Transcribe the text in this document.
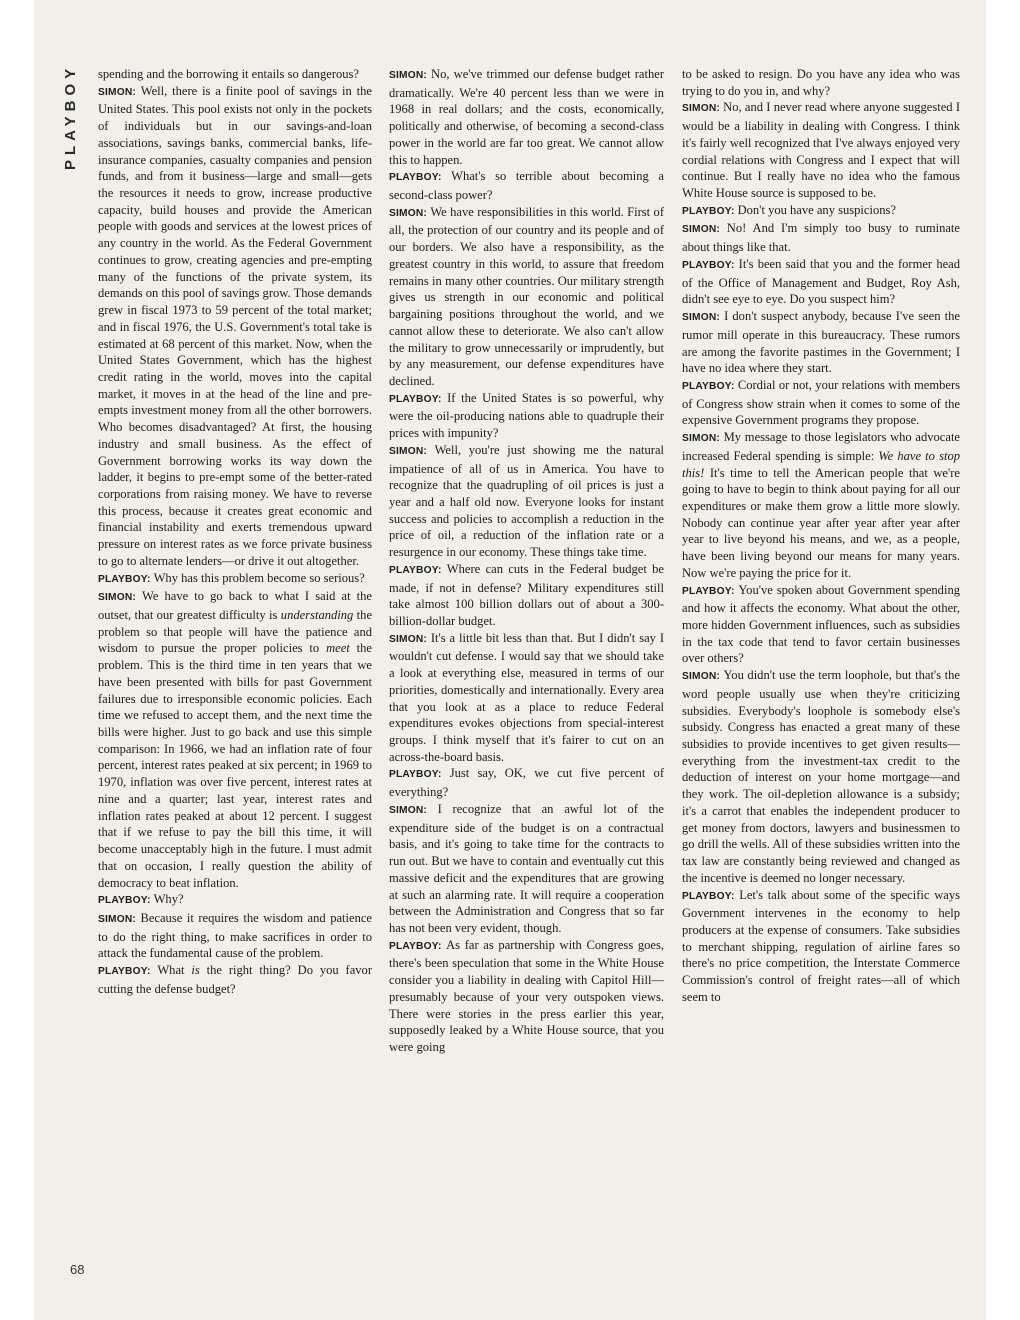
PLAYBOY spending and the borrowing it entails so dangerous?

SIMON: Well, there is a finite pool of savings in the United States. This pool exists not only in the pockets of individuals but in our savings-and-loan associations, savings banks, commercial banks, life-insurance companies, casualty companies and pension funds, and from it business—large and small—gets the resources it needs to grow, increase productive capacity, build houses and provide the American people with goods and services at the lowest prices of any country in the world. As the Federal Government continues to grow, creating agencies and pre-empting many of the functions of the private system, its demands on this pool of savings grow. Those demands grew in fiscal 1973 to 59 percent of the total market; and in fiscal 1976, the U.S. Government's total take is estimated at 68 percent of this market. Now, when the United States Government, which has the highest credit rating in the world, moves into the capital market, it moves in at the head of the line and pre-empts investment money from all the other borrowers. Who becomes disadvantaged? At first, the housing industry and small business. As the effect of Government borrowing works its way down the ladder, it begins to pre-empt some of the better-rated corporations from raising money. We have to reverse this process, because it creates great economic and financial instability and exerts tremendous upward pressure on interest rates as we force private business to go to alternate lenders—or drive it out altogether.

PLAYBOY: Why has this problem become so serious?

SIMON: We have to go back to what I said at the outset, that our greatest difficulty is understanding the problem so that people will have the patience and wisdom to pursue the proper policies to meet the problem. This is the third time in ten years that we have been presented with bills for past Government failures due to irresponsible economic policies. Each time we refused to accept them, and the next time the bills were higher. Just to go back and use this simple comparison: In 1966, we had an inflation rate of four percent, interest rates peaked at six percent; in 1969 to 1970, inflation was over five percent, interest rates at nine and a quarter; last year, interest rates and inflation rates peaked at about 12 percent. I suggest that if we refuse to pay the bill this time, it will become unacceptably high in the future. I must admit that on occasion, I really question the ability of democracy to beat inflation.

PLAYBOY: Why?

SIMON: Because it requires the wisdom and patience to do the right thing, to make sacrifices in order to attack the fundamental cause of the problem.

PLAYBOY: What is the right thing? Do you favor cutting the defense budget?

SIMON: No, we've trimmed our defense budget rather dramatically. We're 40 percent less than we were in 1968 in real dollars; and the costs, economically, politically and otherwise, of becoming a second-class power in the world are far too great. We cannot allow this to happen.

PLAYBOY: What's so terrible about becoming a second-class power?

SIMON: We have responsibilities in this world. First of all, the protection of our country and its people and of our borders. We also have a responsibility, as the greatest country in this world, to assure that freedom remains in many other countries. Our military strength gives us strength in our economic and political bargaining positions throughout the world, and we cannot allow these to deteriorate. We also can't allow the military to grow unnecessarily or imprudently, but by any measurement, our defense expenditures have declined.

PLAYBOY: If the United States is so powerful, why were the oil-producing nations able to quadruple their prices with impunity?

SIMON: Well, you're just showing me the natural impatience of all of us in America. You have to recognize that the quadrupling of oil prices is just a year and a half old now. Everyone looks for instant success and policies to accomplish a reduction in the price of oil, a reduction of the inflation rate or a resurgence in our economy. These things take time.

PLAYBOY: Where can cuts in the Federal budget be made, if not in defense? Military expenditures still take almost 100 billion dollars out of about a 300-billion-dollar budget.

SIMON: It's a little bit less than that. But I didn't say I wouldn't cut defense. I would say that we should take a look at everything else, measured in terms of our priorities, domestically and internationally. Every area that you look at as a place to reduce Federal expenditures evokes objections from special-interest groups. I think myself that it's fairer to cut on an across-the-board basis.

PLAYBOY: Just say, OK, we cut five percent of everything?

SIMON: I recognize that an awful lot of the expenditure side of the budget is on a contractual basis, and it's going to take time for the contracts to run out. But we have to contain and eventually cut this massive deficit and the expenditures that are growing at such an alarming rate. It will require a cooperation between the Administration and Congress that so far has not been very evident, though.

PLAYBOY: As far as partnership with Congress goes, there's been speculation that some in the White House consider you a liability in dealing with Capitol Hill—presumably because of your very outspoken views. There were stories in the press earlier this year, supposedly leaked by a White House source, that you were going

to be asked to resign. Do you have any idea who was trying to do you in, and why?

SIMON: No, and I never read where anyone suggested I would be a liability in dealing with Congress. I think it's fairly well recognized that I've always enjoyed very cordial relations with Congress and I expect that will continue. But I really have no idea who the famous White House source is supposed to be.

PLAYBOY: Don't you have any suspicions?

SIMON: No! And I'm simply too busy to ruminate about things like that.

PLAYBOY: It's been said that you and the former head of the Office of Management and Budget, Roy Ash, didn't see eye to eye. Do you suspect him?

SIMON: I don't suspect anybody, because I've seen the rumor mill operate in this bureaucracy. These rumors are among the favorite pastimes in the Government; I have no idea where they start.

PLAYBOY: Cordial or not, your relations with members of Congress show strain when it comes to some of the expensive Government programs they propose.

SIMON: My message to those legislators who advocate increased Federal spending is simple: We have to stop this! It's time to tell the American people that we're going to have to begin to think about paying for all our expenditures or make them grow a little more slowly. Nobody can continue year after year after year after year to live beyond his means, and we, as a people, have been living beyond our means for many years. Now we're paying the price for it.

PLAYBOY: You've spoken about Government spending and how it affects the economy. What about the other, more hidden Government influences, such as subsidies in the tax code that tend to favor certain businesses over others?

SIMON: You didn't use the term loophole, but that's the word people usually use when they're criticizing subsidies. Everybody's loophole is somebody else's subsidy. Congress has enacted a great many of these subsidies to provide incentives to get given results—everything from the investment-tax credit to the deduction of interest on your home mortgage—and they work. The oil-depletion allowance is a subsidy; it's a carrot that enables the independent producer to get money from doctors, lawyers and businessmen to go drill the wells. All of these subsidies written into the tax law are constantly being reviewed and changed as the incentive is deemed no longer necessary.

PLAYBOY: Let's talk about some of the specific ways Government intervenes in the economy to help producers at the expense of consumers. Take subsidies to merchant shipping, regulation of airline fares so there's no price competition, the Interstate Commerce Commission's control of freight rates—all of which seem to

68
